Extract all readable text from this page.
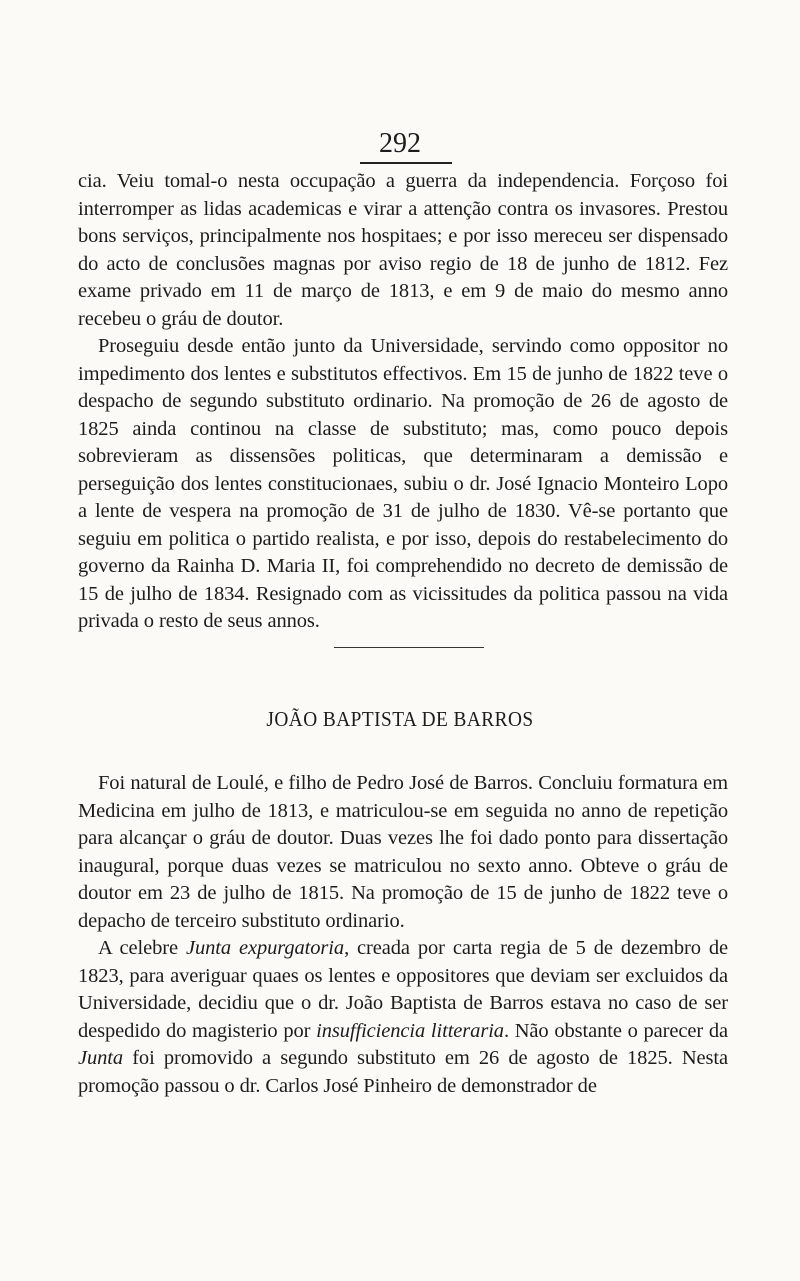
292

cia. Veiu tomal-o nesta occupação a guerra da independencia. Forçoso foi interromper as lidas academicas e virar a attenção contra os invasores. Prestou bons serviços, principalmente nos hospitaes; e por isso mereceu ser dispensado do acto de conclusões magnas por aviso regio de 18 de junho de 1812. Fez exame privado em 11 de março de 1813, e em 9 de maio do mesmo anno recebeu o gráu de doutor.

Proseguiu desde então junto da Universidade, servindo como oppositor no impedimento dos lentes e substitutos effectivos. Em 15 de junho de 1822 teve o despacho de segundo substituto ordinario. Na promoção de 26 de agosto de 1825 ainda continou na classe de substituto; mas, como pouco depois sobrevieram as dissensões politicas, que determinaram a demissão e perseguição dos lentes constitucionaes, subiu o dr. José Ignacio Monteiro Lopo a lente de vespera na promoção de 31 de julho de 1830. Vê-se portanto que seguiu em politica o partido realista, e por isso, depois do restabelecimento do governo da Rainha D. Maria II, foi comprehendido no decreto de demissão de 15 de julho de 1834. Resignado com as vicissitudes da politica passou na vida privada o resto de seus annos.

JOÃO BAPTISTA DE BARROS

Foi natural de Loulé, e filho de Pedro José de Barros. Concluiu formatura em Medicina em julho de 1813, e matriculou-se em seguida no anno de repetição para alcançar o gráu de doutor. Duas vezes lhe foi dado ponto para dissertação inaugural, porque duas vezes se matriculou no sexto anno. Obteve o gráu de doutor em 23 de julho de 1815. Na promoção de 15 de junho de 1822 teve o depacho de terceiro substituto ordinario.

A celebre Junta expurgatoria, creada por carta regia de 5 de dezembro de 1823, para averiguar quaes os lentes e oppositores que deviam ser excluidos da Universidade, decidiu que o dr. João Baptista de Barros estava no caso de ser despedido do magisterio por insufficiencia litteraria. Não obstante o parecer da Junta foi promovido a segundo substituto em 26 de agosto de 1825. Nesta promoção passou o dr. Carlos José Pinheiro de demonstrador de
